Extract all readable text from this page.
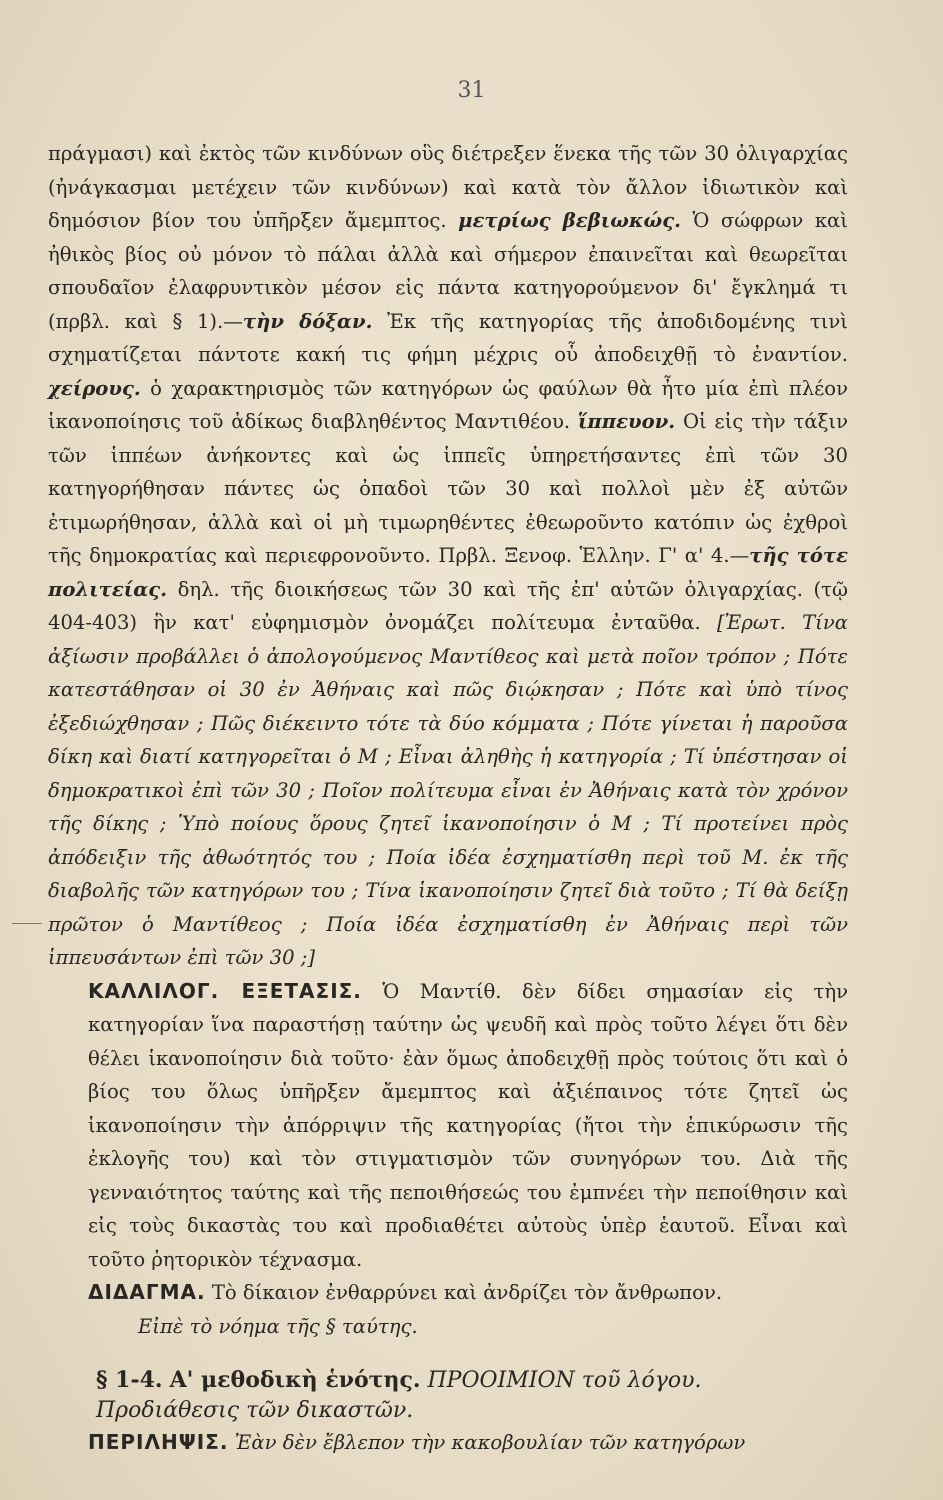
31

πράγμασι) καὶ ἐκτὸς τῶν κινδύνων οὓς διέτρεξεν ἕνεκα τῆς τῶν 30 ὀλιγαρχίας (ἠνάγκασμαι μετέχειν τῶν κινδύνων) καὶ κατὰ τὸν ἄλλον ἰδιωτικὸν καὶ δημόσιον βίον του ὑπῆρξεν ἄμεμπτος. μετρίως βεβιωκώς. Ὁ σώφρων καὶ ἠθικὸς βίος οὐ μόνον τὸ πάλαι ἀλλὰ καὶ σήμερον ἐπαινεῖται καὶ θεωρεῖται σπουδαῖον ἐλαφρυντικὸν μέσον εἰς πάντα κατηγορούμενον δι' ἔγκλημά τι (πρβλ. καὶ § 1).—τὴν δόξαν. Ἐκ τῆς κατηγορίας τῆς ἀποδιδομένης τινὶ σχηματίζεται πάντοτε κακή τις φήμη μέχρις οὗ ἀποδειχθῇ τὸ ἐναντίον. χείρους. ὁ χαρακτηρισμὸς τῶν κατηγόρων ὡς φαύλων θὰ ἦτο μία ἐπὶ πλέον ἱκανοποίησις τοῦ ἀδίκως διαβληθέντος Μαντιθέου. ἵππευον. Οἱ εἰς τὴν τάξιν τῶν ἱππέων ἀνήκοντες καὶ ὡς ἱππεῖς ὑπηρετήσαντες ἐπὶ τῶν 30 κατηγορήθησαν πάντες ὡς ὀπαδοὶ τῶν 30 καὶ πολλοὶ μὲν ἐξ αὐτῶν ἐτιμωρήθησαν, ἀλλὰ καὶ οἱ μὴ τιμωρηθέντες ἐθεωροῦντο κατόπιν ὡς ἐχθροὶ τῆς δημοκρατίας καὶ περιεφρονοῦντο. Πρβλ. Ξενοφ. Ἑλλην. Γ' α' 4.—τῆς τότε πολιτείας. δηλ. τῆς διοικήσεως τῶν 30 καὶ τῆς ἐπ' αὐτῶν ὀλιγαρχίας. (τῷ 404-403) ἣν κατ' εὐφημισμὸν ὀνομάζει πολίτευμα ἐνταῦθα. [Ἐρωτ. Τίνα ἀξίωσιν προβάλλει ὁ ἀπολογούμενος Μαντίθεος καὶ μετὰ ποῖον τρόπον ; Πότε κατεστάθησαν οἱ 30 ἐν Ἀθήναις καὶ πῶς διῴκησαν ; Πότε καὶ ὑπὸ τίνος ἐξεδιώχθησαν ; Πῶς διέκειντο τότε τὰ δύο κόμματα ; Πότε γίνεται ἡ παροῦσα δίκη καὶ διατί κατηγορεῖται ὁ Μ ; Εἶναι ἀληθὴς ἡ κατηγορία ; Τί ὑπέστησαν οἱ δημοκρατικοὶ ἐπὶ τῶν 30 ; Ποῖον πολίτευμα εἶναι ἐν Ἀθήναις κατὰ τὸν χρόνον τῆς δίκης ; Ὑπὸ ποίους ὅρους ζητεῖ ἱκανοποίησιν ὁ Μ ; Τί προτείνει πρὸς ἀπόδειξιν τῆς ἀθωότητός του ; Ποία ἰδέα ἐσχηματίσθη περὶ τοῦ Μ. ἐκ τῆς διαβολῆς τῶν κατηγόρων του ; Τίνα ἱκανοποίησιν ζητεῖ διὰ τοῦτο ; Τί θὰ δείξῃ πρῶτον ὁ Μαντίθεος ; Ποία ἰδέα ἐσχηματίσθη ἐν Ἀθήναις περὶ τῶν ἱππευσάντων ἐπὶ τῶν 30 ;]

ΚΑΛΛΙΛΟΓ. ΕΞΕΤΑΣΙΣ. Ὁ Μαντίθ. δὲν δίδει σημασίαν εἰς τὴν κατηγορίαν ἵνα παραστήσῃ ταύτην ὡς ψευδῆ καὶ πρὸς τοῦτο λέγει ὅτι δὲν θέλει ἱκανοποίησιν διὰ τοῦτο· ἐὰν ὅμως ἀποδειχθῇ πρὸς τούτοις ὅτι καὶ ὁ βίος του ὅλως ὑπῆρξεν ἄμεμπτος καὶ ἀξιέπαινος τότε ζητεῖ ὡς ἱκανοποίησιν τὴν ἀπόρριψιν τῆς κατηγορίας (ἤτοι τὴν ἐπικύρωσιν τῆς ἐκλογῆς του) καὶ τὸν στιγματισμὸν τῶν συνηγόρων του. Διὰ τῆς γενναιότητος ταύτης καὶ τῆς πεποιθήσεώς του ἐμπνέει τὴν πεποίθησιν καὶ εἰς τοὺς δικαστὰς του καὶ προδιαθέτει αὐτοὺς ὑπὲρ ἑαυτοῦ. Εἶναι καὶ τοῦτο ῥητορικὸν τέχνασμα.

ΔΙΔΑΓΜΑ. Τὸ δίκαιον ἐνθαρρύνει καὶ ἀνδρίζει τὸν ἄνθρωπον.

Εἰπὲ τὸ νόημα τῆς § ταύτης.

§ 1-4. Α' μεθοδικὴ ἑνότης. ΠΡΟΟΙΜΙΟΝ τοῦ λόγου.
Προδιάθεσις τῶν δικαστῶν.

ΠΕΡΙΛΗΨΙΣ. Ἐὰν δὲν ἔβλεπον τὴν κακοβουλίαν τῶν κατηγόρων
